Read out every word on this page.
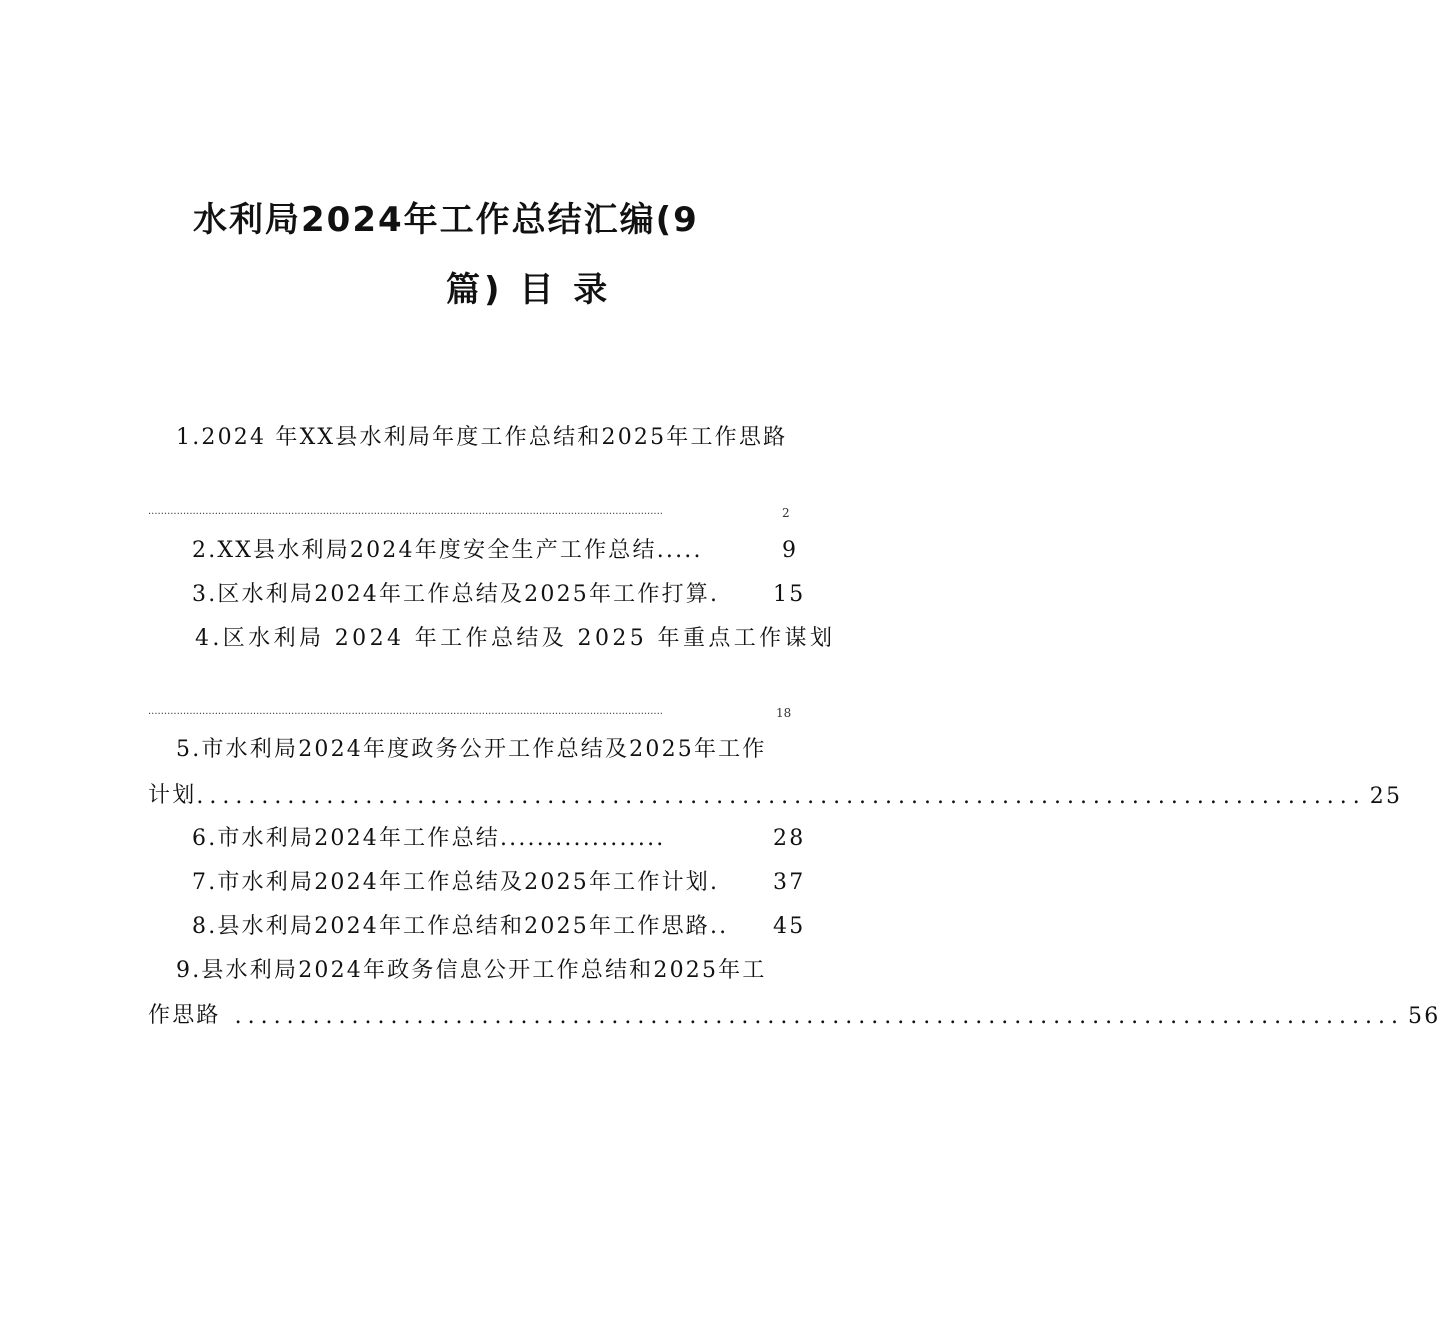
水利局2024年工作总结汇编(9
篇) 目 录
1.2024 年XX县水利局年度工作总结和2025年工作思路
..................................................................................................................................................................	2
2.XX县水利局2024年度安全生产工作总结.....	9
3.区水利局2024年工作总结及2025年工作打算. 15
4.区水利局 2024 年工作总结及 2025 年重点工作谋划
..................................................................................................................................................................	18
5.市水利局2024年度政务公开工作总结及2025年工作
计划 .......................................................................................... 25
6.市水利局2024年工作总结..................	28
7.市水利局2024年工作总结及2025年工作计划. 37
8.县水利局2024年工作总结和2025年工作思路.. 45
9.县水利局2024年政务信息公开工作总结和2025年工
作思路 .......................................................................................... 56
